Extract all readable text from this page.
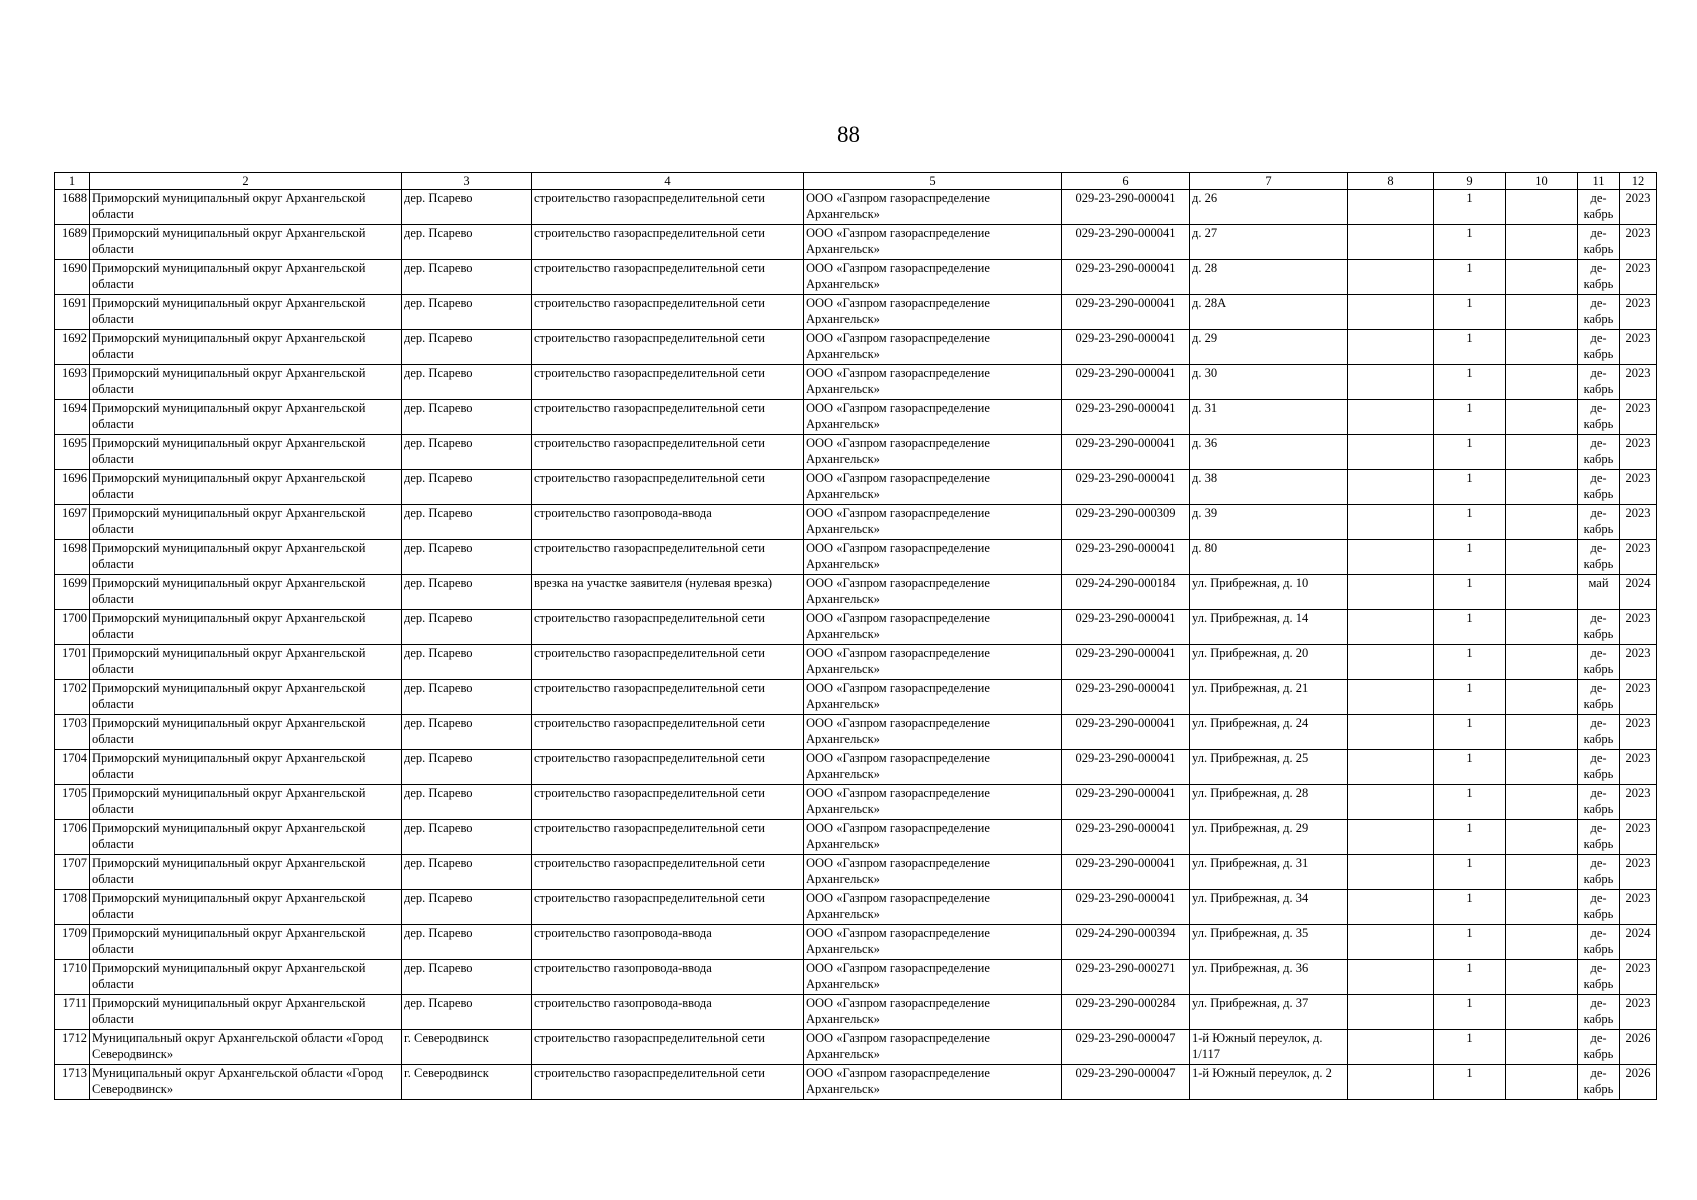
88
1	2	3	4	5	6	7	8	9	10	11	12
1688	Приморский муниципальный округ Архангельской области	дер. Псарево	строительство газораспределительной сети	ООО «Газпром газораспределение Архангельск»	029-23-290-000041	д. 26		1		де-кабрь	2023
1689	Приморский муниципальный округ Архангельской области	дер. Псарево	строительство газораспределительной сети	ООО «Газпром газораспределение Архангельск»	029-23-290-000041	д. 27		1		де-кабрь	2023
1690	Приморский муниципальный округ Архангельской области	дер. Псарево	строительство газораспределительной сети	ООО «Газпром газораспределение Архангельск»	029-23-290-000041	д. 28		1		де-кабрь	2023
1691	Приморский муниципальный округ Архангельской области	дер. Псарево	строительство газораспределительной сети	ООО «Газпром газораспределение Архангельск»	029-23-290-000041	д. 28А		1		де-кабрь	2023
1692	Приморский муниципальный округ Архангельской области	дер. Псарево	строительство газораспределительной сети	ООО «Газпром газораспределение Архангельск»	029-23-290-000041	д. 29		1		де-кабрь	2023
1693	Приморский муниципальный округ Архангельской области	дер. Псарево	строительство газораспределительной сети	ООО «Газпром газораспределение Архангельск»	029-23-290-000041	д. 30		1		де-кабрь	2023
1694	Приморский муниципальный округ Архангельской области	дер. Псарево	строительство газораспределительной сети	ООО «Газпром газораспределение Архангельск»	029-23-290-000041	д. 31		1		де-кабрь	2023
1695	Приморский муниципальный округ Архангельской области	дер. Псарево	строительство газораспределительной сети	ООО «Газпром газораспределение Архангельск»	029-23-290-000041	д. 36		1		де-кабрь	2023
1696	Приморский муниципальный округ Архангельской области	дер. Псарево	строительство газораспределительной сети	ООО «Газпром газораспределение Архангельск»	029-23-290-000041	д. 38		1		де-кабрь	2023
1697	Приморский муниципальный округ Архангельской области	дер. Псарево	строительство газопровода-ввода	ООО «Газпром газораспределение Архангельск»	029-23-290-000309	д. 39		1		де-кабрь	2023
1698	Приморский муниципальный округ Архангельской области	дер. Псарево	строительство газораспределительной сети	ООО «Газпром газораспределение Архангельск»	029-23-290-000041	д. 80		1		де-кабрь	2023
1699	Приморский муниципальный округ Архангельской области	дер. Псарево	врезка на участке заявителя (нулевая врезка)	ООО «Газпром газораспределение Архангельск»	029-24-290-000184	ул. Прибрежная, д. 10		1		май	2024
1700	Приморский муниципальный округ Архангельской области	дер. Псарево	строительство газораспределительной сети	ООО «Газпром газораспределение Архангельск»	029-23-290-000041	ул. Прибрежная, д. 14		1		де-кабрь	2023
1701	Приморский муниципальный округ Архангельской области	дер. Псарево	строительство газораспределительной сети	ООО «Газпром газораспределение Архангельск»	029-23-290-000041	ул. Прибрежная, д. 20		1		де-кабрь	2023
1702	Приморский муниципальный округ Архангельской области	дер. Псарево	строительство газораспределительной сети	ООО «Газпром газораспределение Архангельск»	029-23-290-000041	ул. Прибрежная, д. 21		1		де-кабрь	2023
1703	Приморский муниципальный округ Архангельской области	дер. Псарево	строительство газораспределительной сети	ООО «Газпром газораспределение Архангельск»	029-23-290-000041	ул. Прибрежная, д. 24		1		де-кабрь	2023
1704	Приморский муниципальный округ Архангельской области	дер. Псарево	строительство газораспределительной сети	ООО «Газпром газораспределение Архангельск»	029-23-290-000041	ул. Прибрежная, д. 25		1		де-кабрь	2023
1705	Приморский муниципальный округ Архангельской области	дер. Псарево	строительство газораспределительной сети	ООО «Газпром газораспределение Архангельск»	029-23-290-000041	ул. Прибрежная, д. 28		1		де-кабрь	2023
1706	Приморский муниципальный округ Архангельской области	дер. Псарево	строительство газораспределительной сети	ООО «Газпром газораспределение Архангельск»	029-23-290-000041	ул. Прибрежная, д. 29		1		де-кабрь	2023
1707	Приморский муниципальный округ Архангельской области	дер. Псарево	строительство газораспределительной сети	ООО «Газпром газораспределение Архангельск»	029-23-290-000041	ул. Прибрежная, д. 31		1		де-кабрь	2023
1708	Приморский муниципальный округ Архангельской области	дер. Псарево	строительство газораспределительной сети	ООО «Газпром газораспределение Архангельск»	029-23-290-000041	ул. Прибрежная, д. 34		1		де-кабрь	2023
1709	Приморский муниципальный округ Архангельской области	дер. Псарево	строительство газопровода-ввода	ООО «Газпром газораспределение Архангельск»	029-24-290-000394	ул. Прибрежная, д. 35		1		де-кабрь	2024
1710	Приморский муниципальный округ Архангельской области	дер. Псарево	строительство газопровода-ввода	ООО «Газпром газораспределение Архангельск»	029-23-290-000271	ул. Прибрежная, д. 36		1		де-кабрь	2023
1711	Приморский муниципальный округ Архангельской области	дер. Псарево	строительство газопровода-ввода	ООО «Газпром газораспределение Архангельск»	029-23-290-000284	ул. Прибрежная, д. 37		1		де-кабрь	2023
1712	Муниципальный округ Архангельской области «Город Северодвинск»	г. Северодвинск	строительство газораспределительной сети	ООО «Газпром газораспределение Архангельск»	029-23-290-000047	1-й Южный переулок, д. 1/117		1		де-кабрь	2026
1713	Муниципальный округ Архангельской области «Город Северодвинск»	г. Северодвинск	строительство газораспределительной сети	ООО «Газпром газораспределение Архангельск»	029-23-290-000047	1-й Южный переулок, д. 2		1		де-кабрь	2026
